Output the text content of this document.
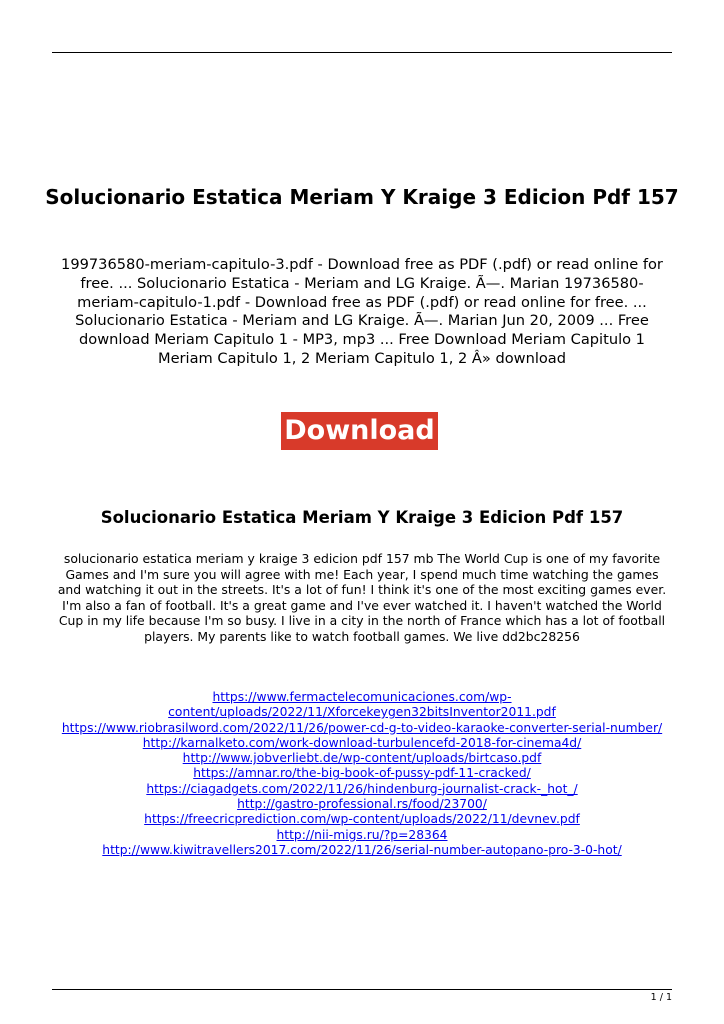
Solucionario Estatica Meriam Y Kraige 3 Edicion Pdf 157
199736580-meriam-capitulo-3.pdf - Download free as PDF (.pdf) or read online for free. ... Solucionario Estatica - Meriam and LG Kraige. Ã—. Marian 19736580-meriam-capitulo-1.pdf - Download free as PDF (.pdf) or read online for free. ... Solucionario Estatica - Meriam and LG Kraige. Ã—. Marian Jun 20, 2009 ... Free download Meriam Capitulo 1 - MP3, mp3 ... Free Download Meriam Capitulo 1 Meriam Capitulo 1, 2 Meriam Capitulo 1, 2 Â» download
Download
Solucionario Estatica Meriam Y Kraige 3 Edicion Pdf 157
solucionario estatica meriam y kraige 3 edicion pdf 157 mb The World Cup is one of my favorite Games and I'm sure you will agree with me! Each year, I spend much time watching the games and watching it out in the streets. It's a lot of fun! I think it's one of the most exciting games ever. I'm also a fan of football. It's a great game and I've ever watched it. I haven't watched the World Cup in my life because I'm so busy. I live in a city in the north of France which has a lot of football players. My parents like to watch football games. We live dd2bc28256
https://www.fermactelecomunicaciones.com/wp-content/uploads/2022/11/Xforcekeygen32bitsInventor2011.pdf
https://www.riobrasilword.com/2022/11/26/power-cd-g-to-video-karaoke-converter-serial-number/
http://karnalketo.com/work-download-turbulencefd-2018-for-cinema4d/
http://www.jobverliebt.de/wp-content/uploads/birtcaso.pdf
https://amnar.ro/the-big-book-of-pussy-pdf-11-cracked/
https://ciagadgets.com/2022/11/26/hindenburg-journalist-crack-_hot_/
http://gastro-professional.rs/food/23700/
https://freecricprediction.com/wp-content/uploads/2022/11/devnev.pdf
http://nii-migs.ru/?p=28364
http://www.kiwitravellers2017.com/2022/11/26/serial-number-autopano-pro-3-0-hot/
1 / 1
